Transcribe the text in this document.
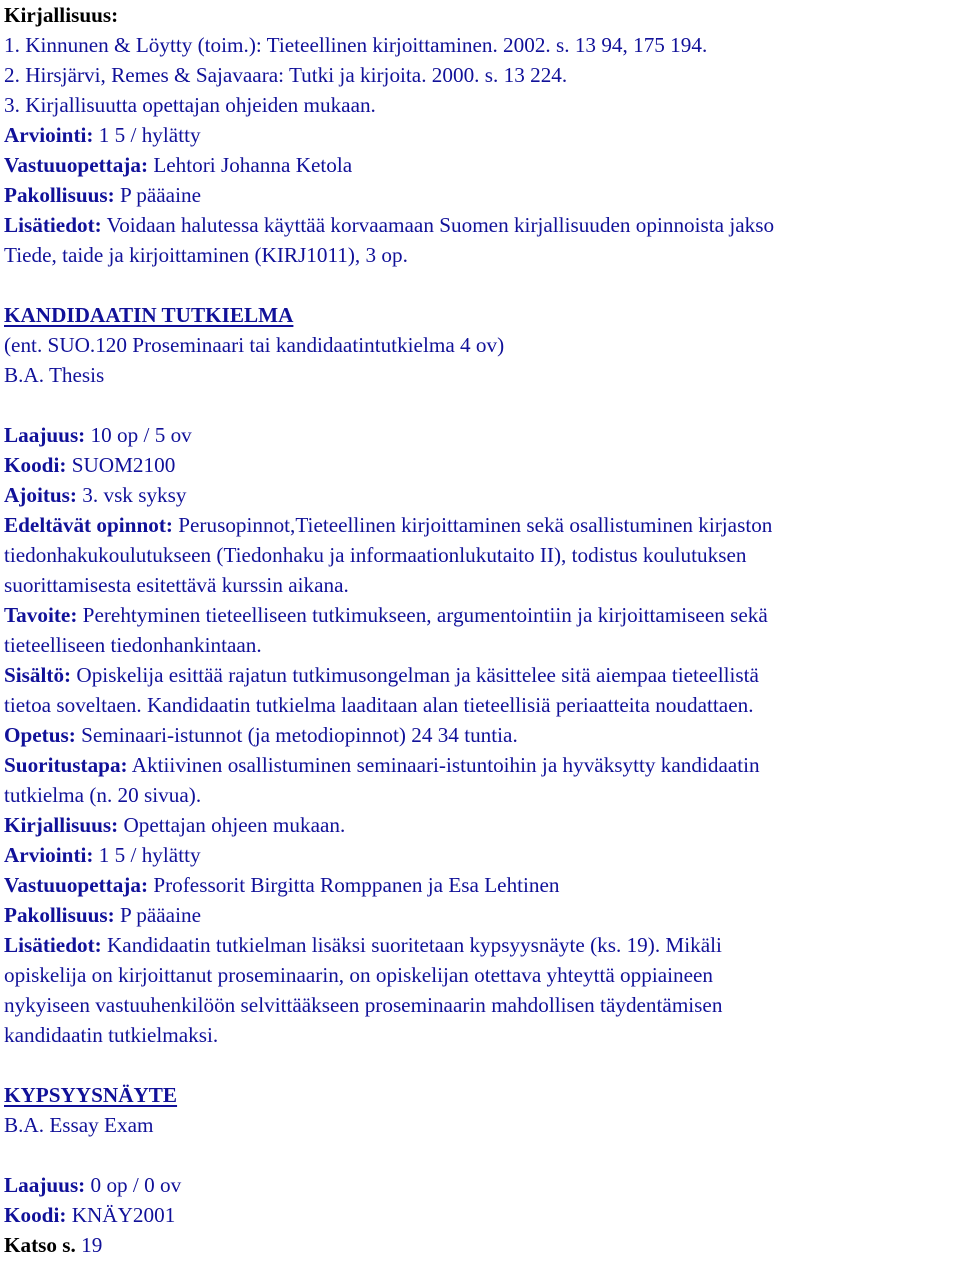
Kirjallisuus:
1. Kinnunen & Löytty (toim.): Tieteellinen kirjoittaminen. 2002. s. 13 94, 175 194.
2. Hirsjärvi, Remes & Sajavaara: Tutki ja kirjoita. 2000. s. 13 224.
3. Kirjallisuutta opettajan ohjeiden mukaan.
Arviointi: 1 5 / hylätty
Vastuuopettaja: Lehtori Johanna Ketola
Pakollisuus: P pääaine
Lisätiedot: Voidaan halutessa käyttää korvaamaan Suomen kirjallisuuden opinnoista jakso
Tiede, taide ja kirjoittaminen (KIRJ1011), 3 op.
KANDIDAATIN TUTKIELMA
(ent. SUO.120 Proseminaari tai kandidaatintutkielma 4 ov)
B.A. Thesis
Laajuus: 10 op / 5 ov
Koodi: SUOM2100
Ajoitus: 3. vsk syksy
Edeltävät opinnot: Perusopinnot,Tieteellinen kirjoittaminen sekä osallistuminen kirjaston
tiedonhakukoulutukseen (Tiedonhaku ja informaationlukutaito II), todistus koulutuksen
suorittamisesta esitettävä kurssin aikana.
Tavoite: Perehtyminen tieteelliseen tutkimukseen, argumentointiin ja kirjoittamiseen sekä
tieteelliseen tiedonhankintaan.
Sisältö: Opiskelija esittää rajatun tutkimusongelman ja käsittelee sitä aiempaa tieteellistä
tietoa soveltaen. Kandidaatin tutkielma laaditaan alan tieteellisiä periaatteita noudattaen.
Opetus: Seminaari-istunnot (ja metodiopinnot) 24 34 tuntia.
Suoritustapa: Aktiivinen osallistuminen seminaari-istuntoihin ja hyväksytty kandidaatin
tutkielma (n. 20 sivua).
Kirjallisuus: Opettajan ohjeen mukaan.
Arviointi: 1 5 / hylätty
Vastuuopettaja: Professorit Birgitta Romppanen ja Esa Lehtinen
Pakollisuus: P pääaine
Lisätiedot: Kandidaatin tutkielman lisäksi suoritetaan kypsyysnäyte (ks. 19). Mikäli
opiskelija on kirjoittanut proseminaarin, on opiskelijan otettava yhteyttä oppiaineen
nykyiseen vastuuhenkilöön selvittääkseen proseminaarin mahdollisen täydentämisen
kandidaatin tutkielmaksi.
KYPSYYSNÄYTE
B.A. Essay Exam
Laajuus: 0 op / 0 ov
Koodi: KNÄY2001
Katso s. 19
